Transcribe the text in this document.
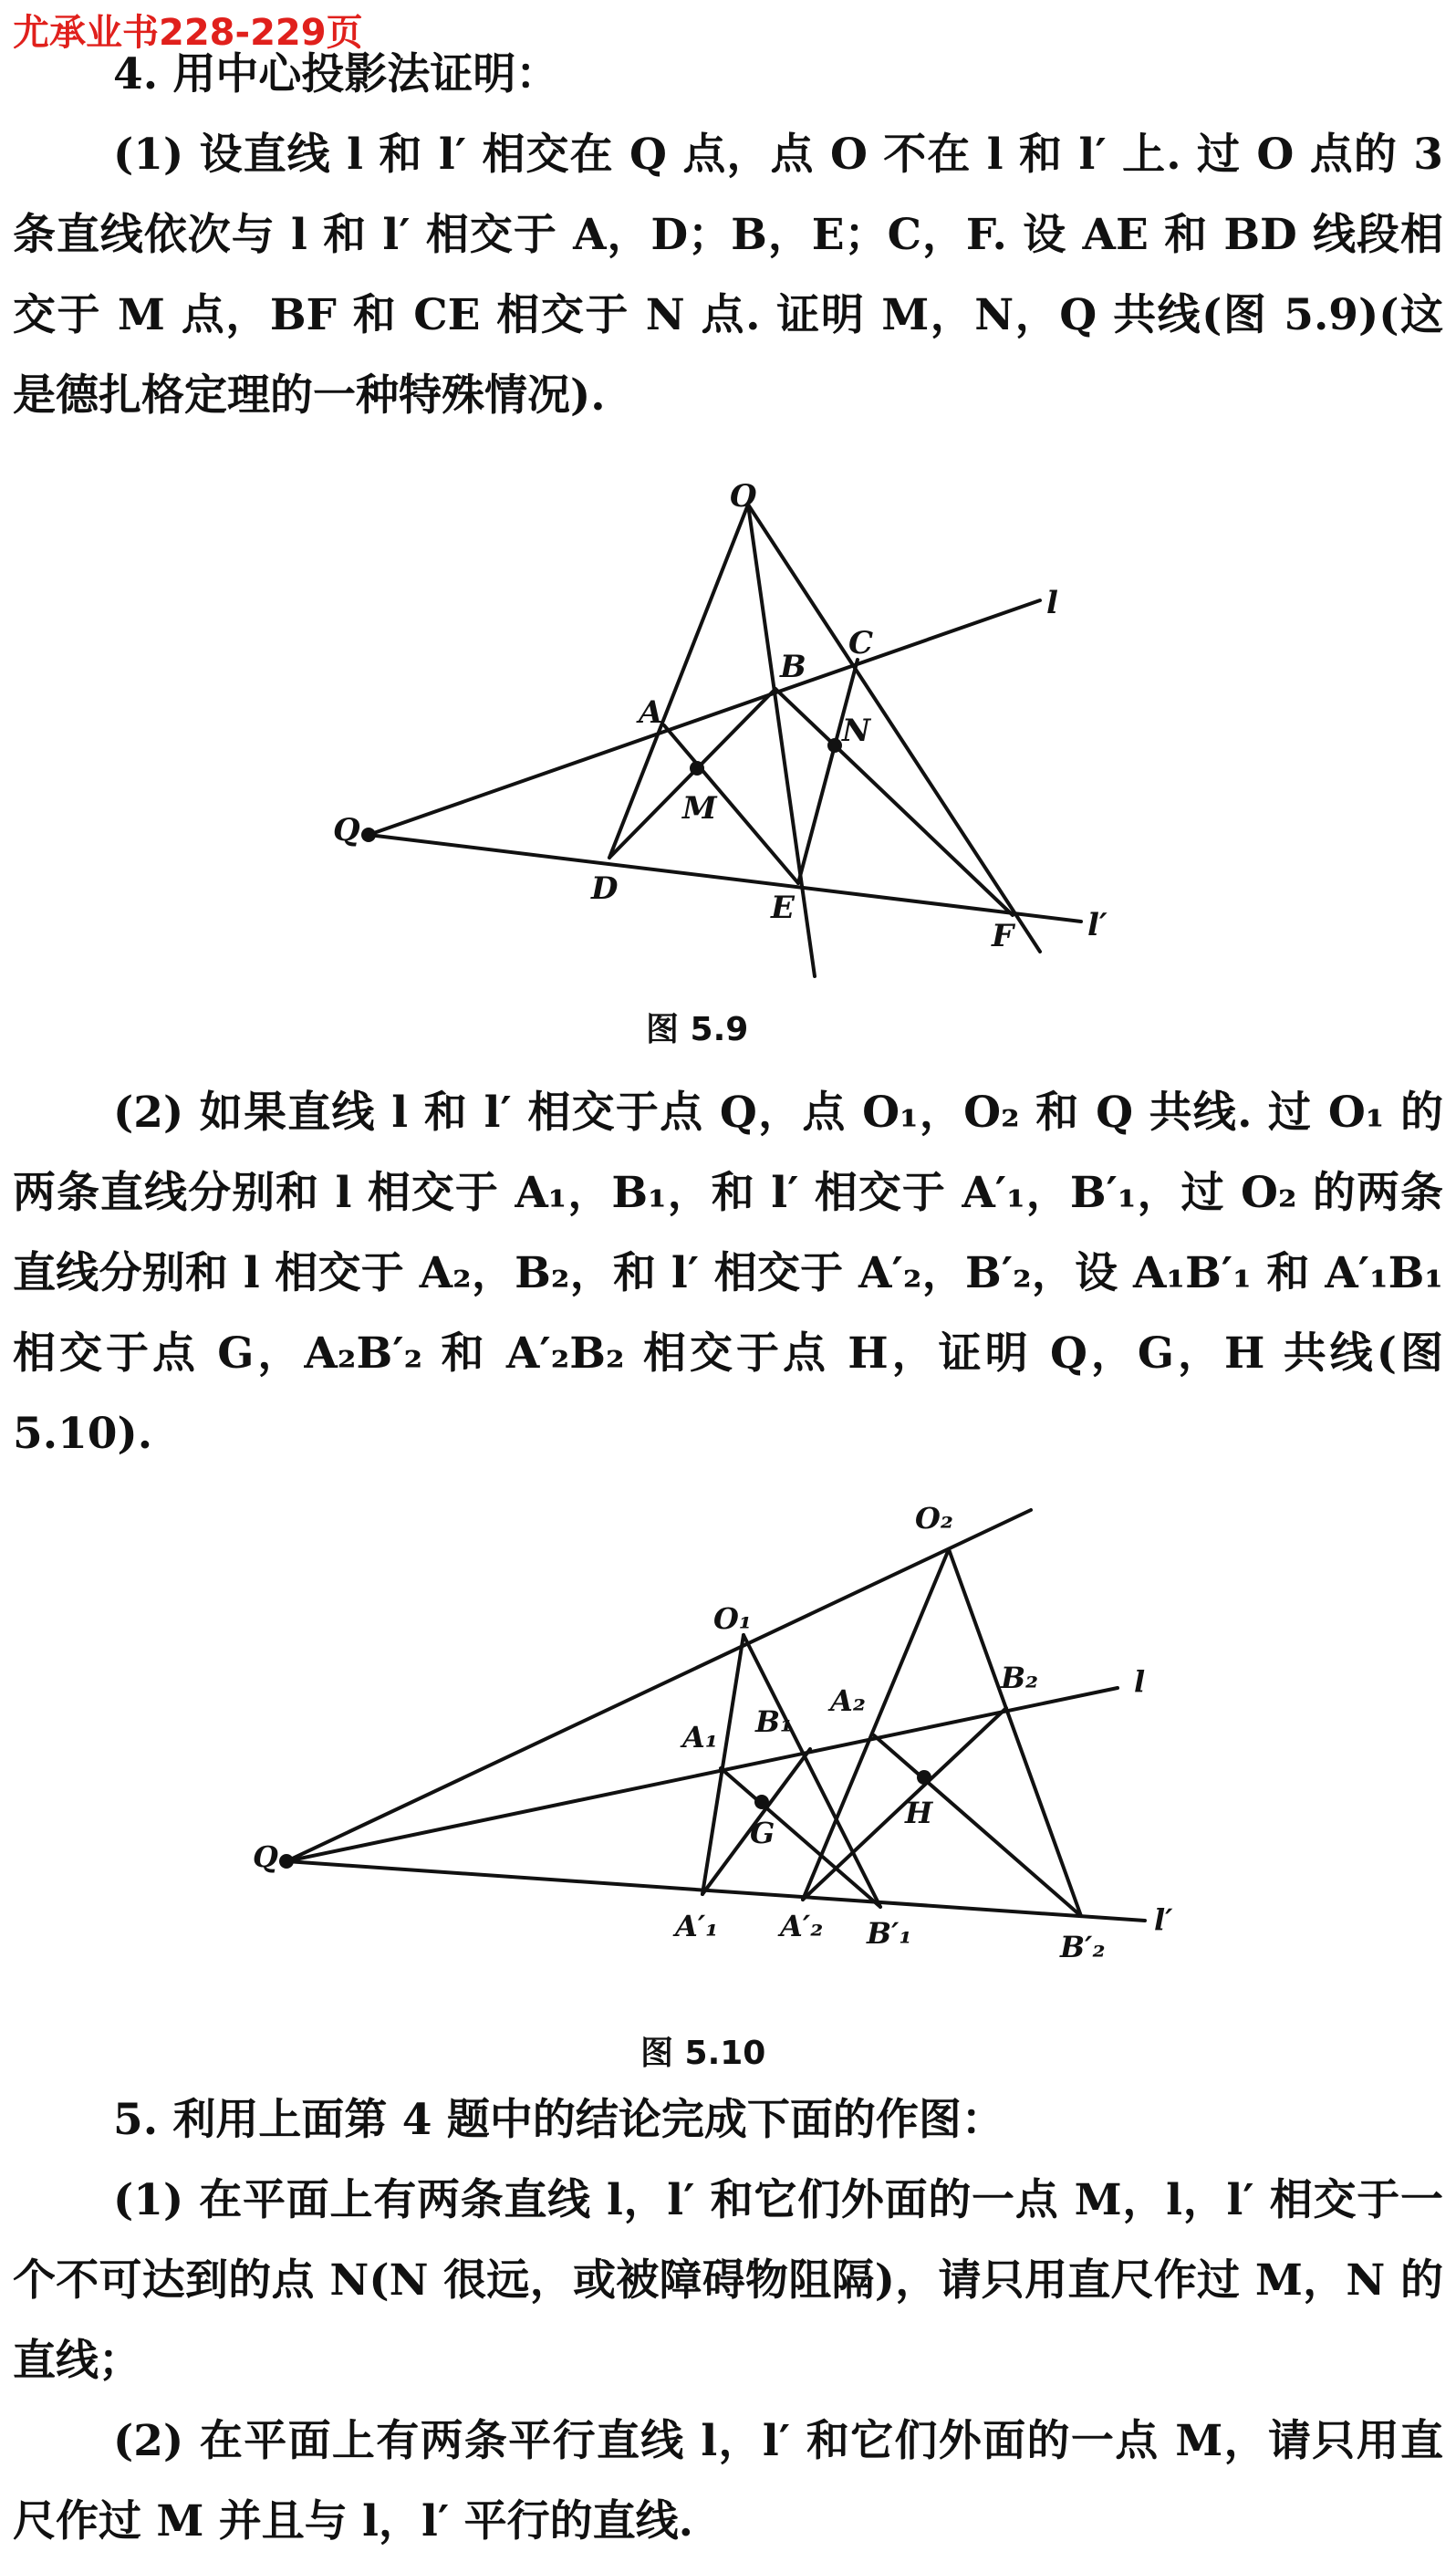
尤承业书228-229页

4. 用中心投影法证明：

(1) 设直线 l 和 l′ 相交在 Q 点，点 O 不在 l 和 l′ 上. 过 O 点的 3 条直线依次与 l 和 l′ 相交于 A，D；B，E；C，F. 设 AE 和 BD 线段相交于 M 点，BF 和 CE 相交于 N 点. 证明 M，N，Q 共线(图 5.9)(这是德扎格定理的一种特殊情况).

O
l
C
B
A	N
M
Q
D
E
F l′
图 5.9

(2) 如果直线 l 和 l′ 相交于点 Q，点 O₁，O₂ 和 Q 共线. 过 O₁ 的两条直线分别和 l 相交于 A₁，B₁，和 l′ 相交于 A′₁，B′₁，过 O₂ 的两条直线分别和 l 相交于 A₂，B₂，和 l′ 相交于 A′₂，B′₂，设 A₁B′₁ 和 A′₁B₁ 相交于点 G，A₂B′₂ 和 A′₂B₂ 相交于点 H，证明 Q，G，H 共线(图 5.10).

O₂
O₁
B₂	l
A₂
A₁ B₁
H
G
Q
A′₁ A′₂ B′₁	B′₂
l′
图 5.10

5. 利用上面第 4 题中的结论完成下面的作图：

(1) 在平面上有两条直线 l，l′ 和它们外面的一点 M，l，l′ 相交于一个不可达到的点 N(N 很远，或被障碍物阻隔)，请只用直尺作过 M，N 的直线；

(2) 在平面上有两条平行直线 l，l′ 和它们外面的一点 M，请只用直尺作过 M 并且与 l，l′ 平行的直线.
